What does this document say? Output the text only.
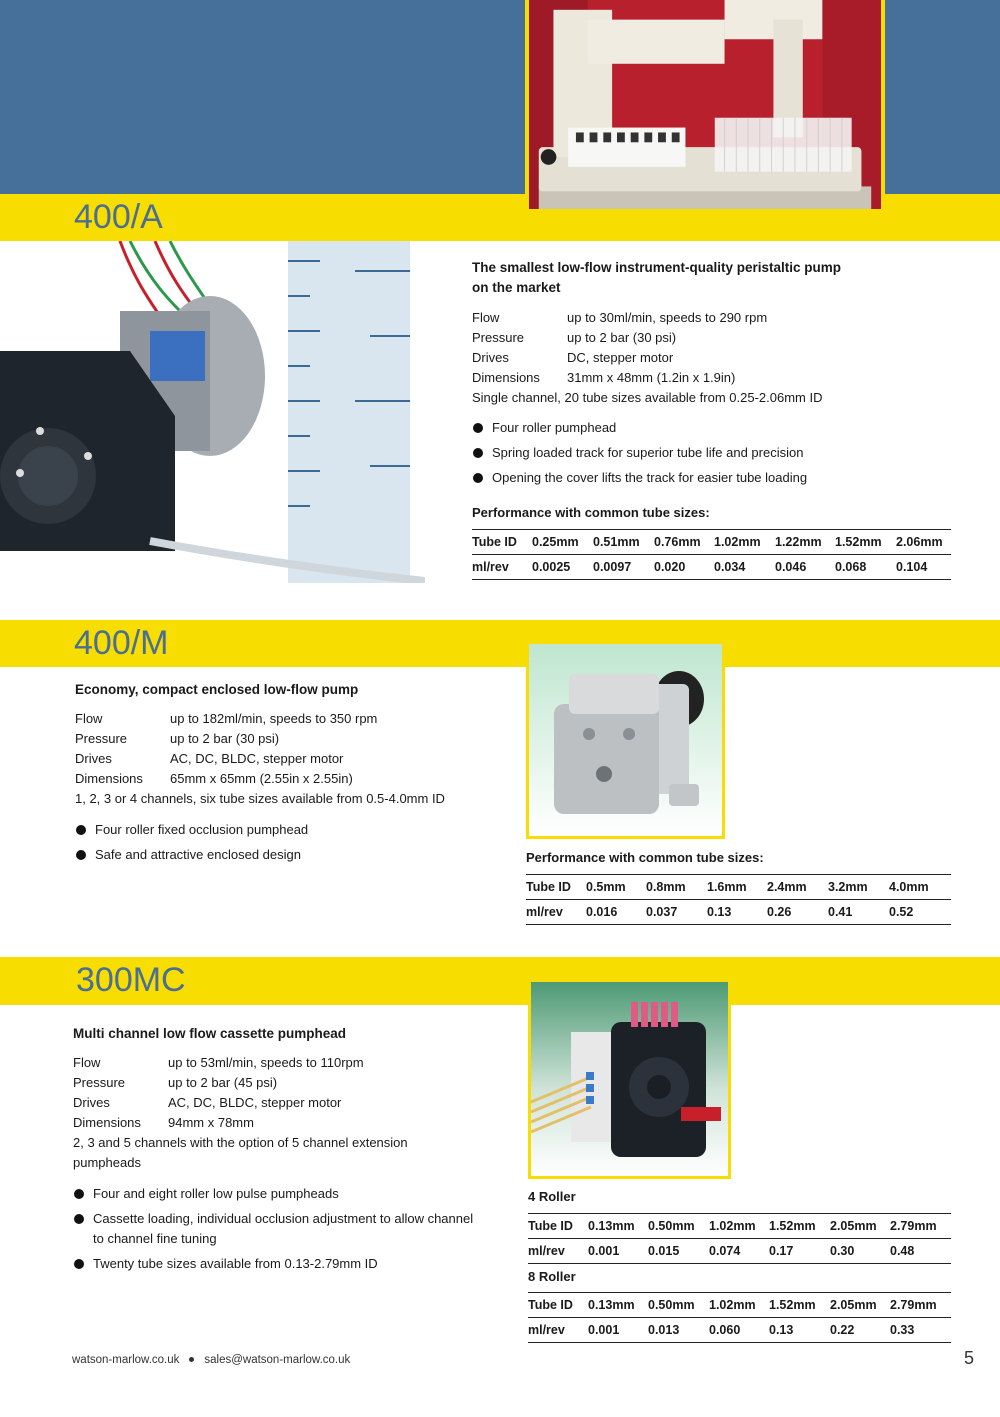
400/A
The smallest low-flow instrument-quality peristaltic pump
on the market
Flow	up to 30ml/min, speeds to 290 rpm
Pressure	up to 2 bar (30 psi)
Drives	DC, stepper motor
Dimensions	31mm x 48mm (1.2in x 1.9in)
Single channel, 20 tube sizes available from 0.25-2.06mm ID
Four roller pumphead
Spring loaded track for superior tube life and precision
Opening the cover lifts the track for easier tube loading
Performance with common tube sizes:
Tube ID	0.25mm	0.51mm	0.76mm	1.02mm	1.22mm	1.52mm	2.06mm
ml/rev	0.0025	0.0097	0.020	0.034	0.046	0.068	0.104
400/M
Economy, compact enclosed low-flow pump
Flow	up to 182ml/min, speeds to 350 rpm
Pressure	up to 2 bar (30 psi)
Drives	AC, DC, BLDC, stepper motor
Dimensions	65mm x 65mm (2.55in x 2.55in)
1, 2, 3 or 4 channels, six tube sizes available from 0.5-4.0mm ID
Four roller fixed occlusion pumphead
Safe and attractive enclosed design	Performance with common tube sizes:
Tube ID	0.5mm	0.8mm	1.6mm	2.4mm	3.2mm	4.0mm
ml/rev	0.016	0.037	0.13	0.26	0.41	0.52
300MC
Multi channel low flow cassette pumphead
Flow	up to 53ml/min, speeds to 110rpm
Pressure	up to 2 bar (45 psi)
Drives	AC, DC, BLDC, stepper motor
Dimensions	94mm x 78mm
2, 3 and 5 channels with the option of 5 channel extension
pumpheads
Four and eight roller low pulse pumpheads
Cassette loading, individual occlusion adjustment to allow channel
to channel fine tuning
Twenty tube sizes available from 0.13-2.79mm ID
4 Roller
Tube ID	0.13mm	0.50mm	1.02mm	1.52mm	2.05mm	2.79mm
ml/rev	0.001	0.015	0.074	0.17	0.30	0.48
8 Roller
Tube ID	0.13mm	0.50mm	1.02mm	1.52mm	2.05mm	2.79mm
ml/rev	0.001	0.013	0.060	0.13	0.22	0.33
watson-marlow.co.uk sales@watson-marlow.co.uk	5
